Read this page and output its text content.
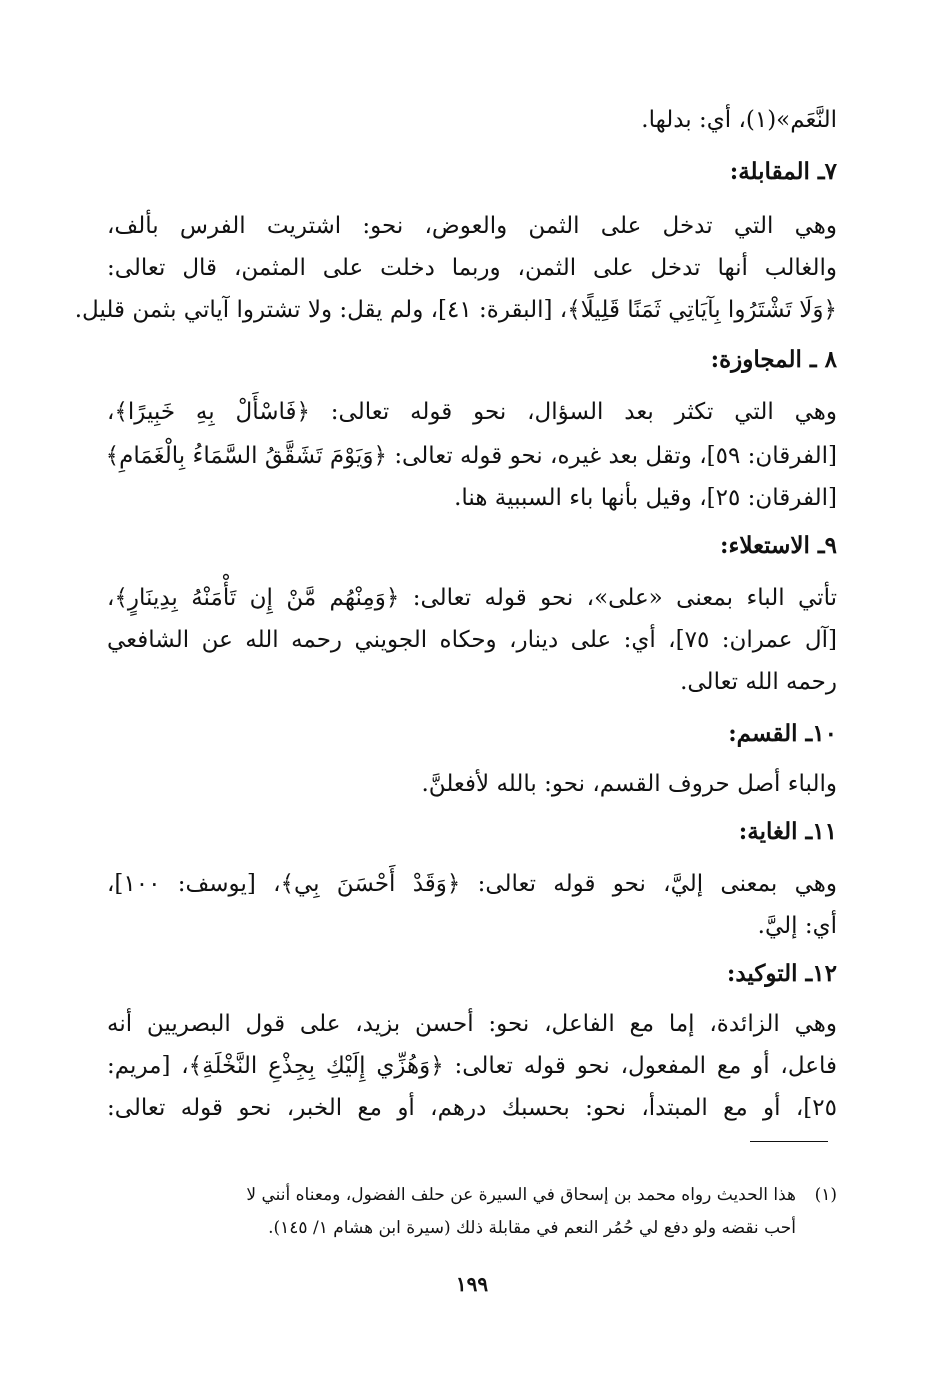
النَّعَم»(١)، أي: بدلها.
٧ـ المقابلة:
وهي التي تدخل على الثمن والعوض، نحو: اشتريت الفرس بألف،
والغالب أنها تدخل على الثمن، وربما دخلت على المثمن، قال تعالى:
﴿وَلَا تَشْتَرُوا بِآيَاتِي ثَمَنًا قَلِيلًا﴾، [البقرة: ٤١]، ولم يقل: ولا تشتروا آياتي بثمن قليل.
٨ ـ المجاوزة:
وهي التي تكثر بعد السؤال، نحو قوله تعالى: ﴿فَاسْأَلْ بِهِ خَبِيرًا﴾،
[الفرقان: ٥٩]، وتقل بعد غيره، نحو قوله تعالى: ﴿وَيَوْمَ تَشَقَّقُ السَّمَاءُ بِالْغَمَامِ﴾
[الفرقان: ٢٥]، وقيل بأنها باء السببية هنا.
٩ـ الاستعلاء:
تأتي الباء بمعنى «على»، نحو قوله تعالى: ﴿وَمِنْهُم مَّنْ إِن تَأْمَنْهُ بِدِينَارٍ﴾،
[آل عمران: ٧٥]، أي: على دينار، وحكاه الجويني رحمه الله عن الشافعي
رحمه الله تعالى.
١٠ـ القسم:
والباء أصل حروف القسم، نحو: بالله لأفعلنَّ.
١١ـ الغاية:
وهي بمعنى إليَّ، نحو قوله تعالى: ﴿وَقَدْ أَحْسَنَ بِي﴾، [يوسف: ١٠٠]،
أي: إليَّ.
١٢ـ التوكيد:
وهي الزائدة، إما مع الفاعل، نحو: أحسن بزيد، على قول البصريين أنه
فاعل، أو مع المفعول، نحو قوله تعالى: ﴿وَهُزِّي إِلَيْكِ بِجِذْعِ النَّخْلَةِ﴾، [مريم:
٢٥]، أو مع المبتدأ، نحو: بحسبك درهم، أو مع الخبر، نحو قوله تعالى:
(١)
هذا الحديث رواه محمد بن إسحاق في السيرة عن حلف الفضول، ومعناه أنني لا
أحب نقضه ولو دفع لي حُمُر النعم في مقابلة ذلك (سيرة ابن هشام ١/ ١٤٥).
١٩٩
